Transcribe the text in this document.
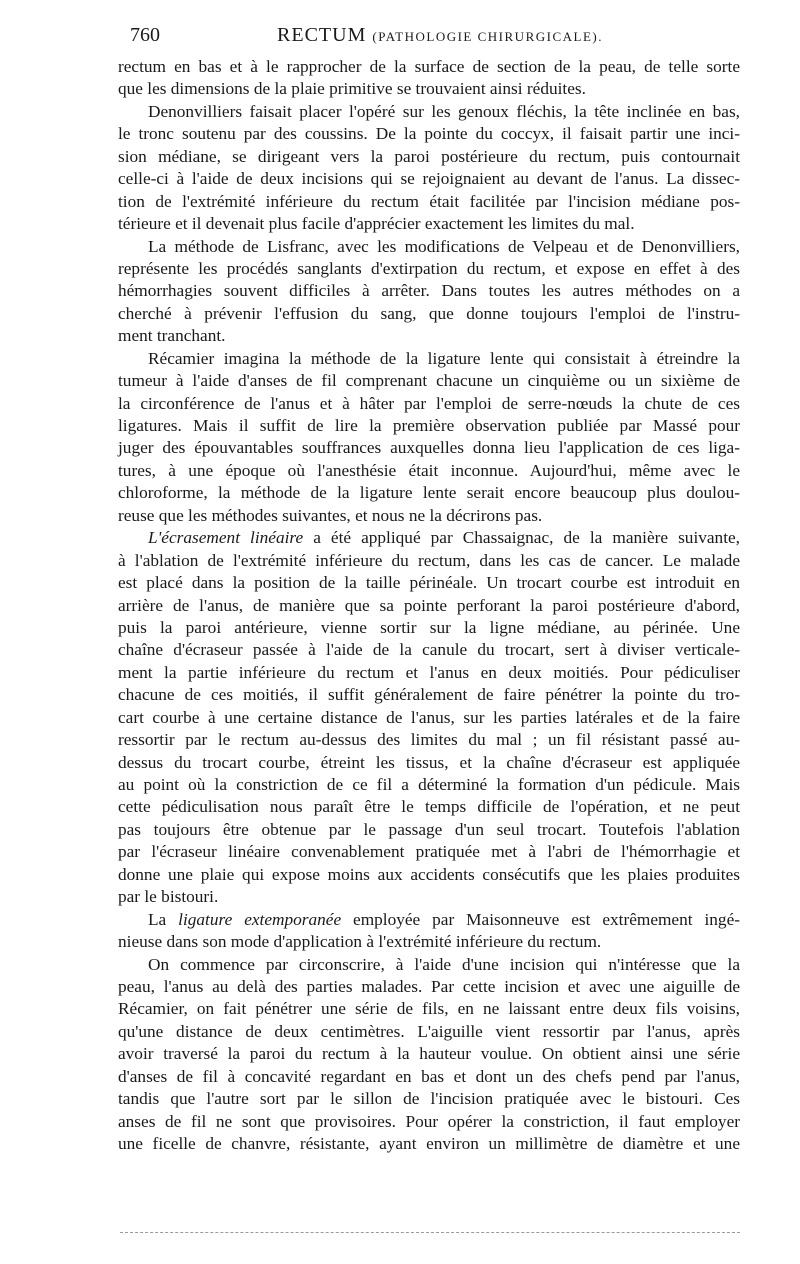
760	RECTUM (PATHOLOGIE CHIRURGICALE).
rectum en bas et à le rapprocher de la surface de section de la peau, de telle sorte
que les dimensions de la plaie primitive se trouvaient ainsi réduites.
Denonvilliers faisait placer l'opéré sur les genoux fléchis, la tête inclinée en bas,
le tronc soutenu par des coussins. De la pointe du coccyx, il faisait partir une inci-
sion médiane, se dirigeant vers la paroi postérieure du rectum, puis contournait
celle-ci à l'aide de deux incisions qui se rejoignaient au devant de l'anus. La dissec-
tion de l'extrémité inférieure du rectum était facilitée par l'incision médiane pos-
térieure et il devenait plus facile d'apprécier exactement les limites du mal.
La méthode de Lisfranc, avec les modifications de Velpeau et de Denonvilliers,
représente les procédés sanglants d'extirpation du rectum, et expose en effet à des
hémorrhagies souvent difficiles à arrêter. Dans toutes les autres méthodes on a
cherché à prévenir l'effusion du sang, que donne toujours l'emploi de l'instru-
ment tranchant.
Récamier imagina la méthode de la ligature lente qui consistait à étreindre la
tumeur à l'aide d'anses de fil comprenant chacune un cinquième ou un sixième de
la circonférence de l'anus et à hâter par l'emploi de serre-nœuds la chute de ces
ligatures. Mais il suffit de lire la première observation publiée par Massé pour
juger des épouvantables souffrances auxquelles donna lieu l'application de ces liga-
tures, à une époque où l'anesthésie était inconnue. Aujourd'hui, même avec le
chloroforme, la méthode de la ligature lente serait encore beaucoup plus doulou-
reuse que les méthodes suivantes, et nous ne la décrirons pas.
L'écrasement linéaire a été appliqué par Chassaignac, de la manière suivante,
à l'ablation de l'extrémité inférieure du rectum, dans les cas de cancer. Le malade
est placé dans la position de la taille périnéale. Un trocart courbe est introduit en
arrière de l'anus, de manière que sa pointe perforant la paroi postérieure d'abord,
puis la paroi antérieure, vienne sortir sur la ligne médiane, au périnée. Une
chaîne d'écraseur passée à l'aide de la canule du trocart, sert à diviser verticale-
ment la partie inférieure du rectum et l'anus en deux moitiés. Pour pédiculiser
chacune de ces moitiés, il suffit généralement de faire pénétrer la pointe du tro-
cart courbe à une certaine distance de l'anus, sur les parties latérales et de la faire
ressortir par le rectum au-dessus des limites du mal ; un fil résistant passé au-
dessus du trocart courbe, étreint les tissus, et la chaîne d'écraseur est appliquée
au point où la constriction de ce fil a déterminé la formation d'un pédicule. Mais
cette pédiculisation nous paraît être le temps difficile de l'opération, et ne peut
pas toujours être obtenue par le passage d'un seul trocart. Toutefois l'ablation
par l'écraseur linéaire convenablement pratiquée met à l'abri de l'hémorrhagie et
donne une plaie qui expose moins aux accidents consécutifs que les plaies produites
par le bistouri.
La ligature extemporanée employée par Maisonneuve est extrêmement ingé-
nieuse dans son mode d'application à l'extrémité inférieure du rectum.
On commence par circonscrire, à l'aide d'une incision qui n'intéresse que la
peau, l'anus au delà des parties malades. Par cette incision et avec une aiguille de
Récamier, on fait pénétrer une série de fils, en ne laissant entre deux fils voisins,
qu'une distance de deux centimètres. L'aiguille vient ressortir par l'anus, après
avoir traversé la paroi du rectum à la hauteur voulue. On obtient ainsi une série
d'anses de fil à concavité regardant en bas et dont un des chefs pend par l'anus,
tandis que l'autre sort par le sillon de l'incision pratiquée avec le bistouri. Ces
anses de fil ne sont que provisoires. Pour opérer la constriction, il faut employer
une ficelle de chanvre, résistante, ayant environ un millimètre de diamètre et une
